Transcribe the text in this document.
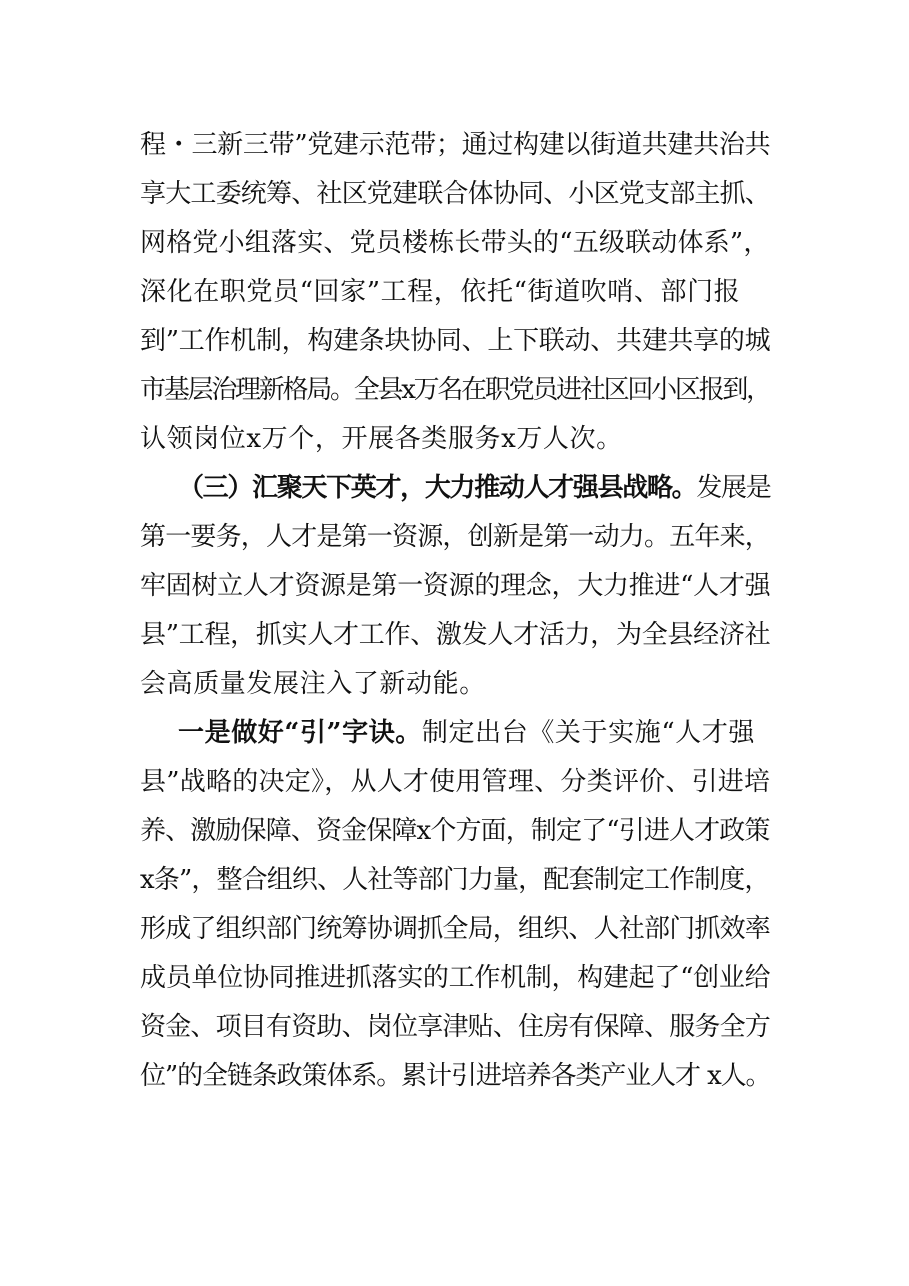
程・三新三带”党建示范带；通过构建以街道共建共治共
享大工委统筹、社区党建联合体协同、小区党支部主抓、
网格党小组落实、党员楼栋长带头的“五级联动体系”，
深化在职党员“回家”工程，依托“街道吹哨、部门报
到”工作机制，构建条块协同、上下联动、共建共享的城
市基层治理新格局。全县x万名在职党员进社区回小区报到，
认领岗位x万个，开展各类服务x万人次。
（三）汇聚天下英才，大力推动人才强县战略。发展是
第一要务，人才是第一资源，创新是第一动力。五年来，
牢固树立人才资源是第一资源的理念，大力推进“人才强
县”工程，抓实人才工作、激发人才活力，为全县经济社
会高质量发展注入了新动能。
一是做好“引”字诀。制定出台《关于实施“人才强
县”战略的决定》，从人才使用管理、分类评价、引进培
养、激励保障、资金保障x个方面，制定了“引进人才政策
x条”，整合组织、人社等部门力量，配套制定工作制度，
形成了组织部门统筹协调抓全局，组织、人社部门抓效率
成员单位协同推进抓落实的工作机制，构建起了“创业给
资金、项目有资助、岗位享津贴、住房有保障、服务全方
位”的全链条政策体系。累计引进培养各类产业人才 x人。
